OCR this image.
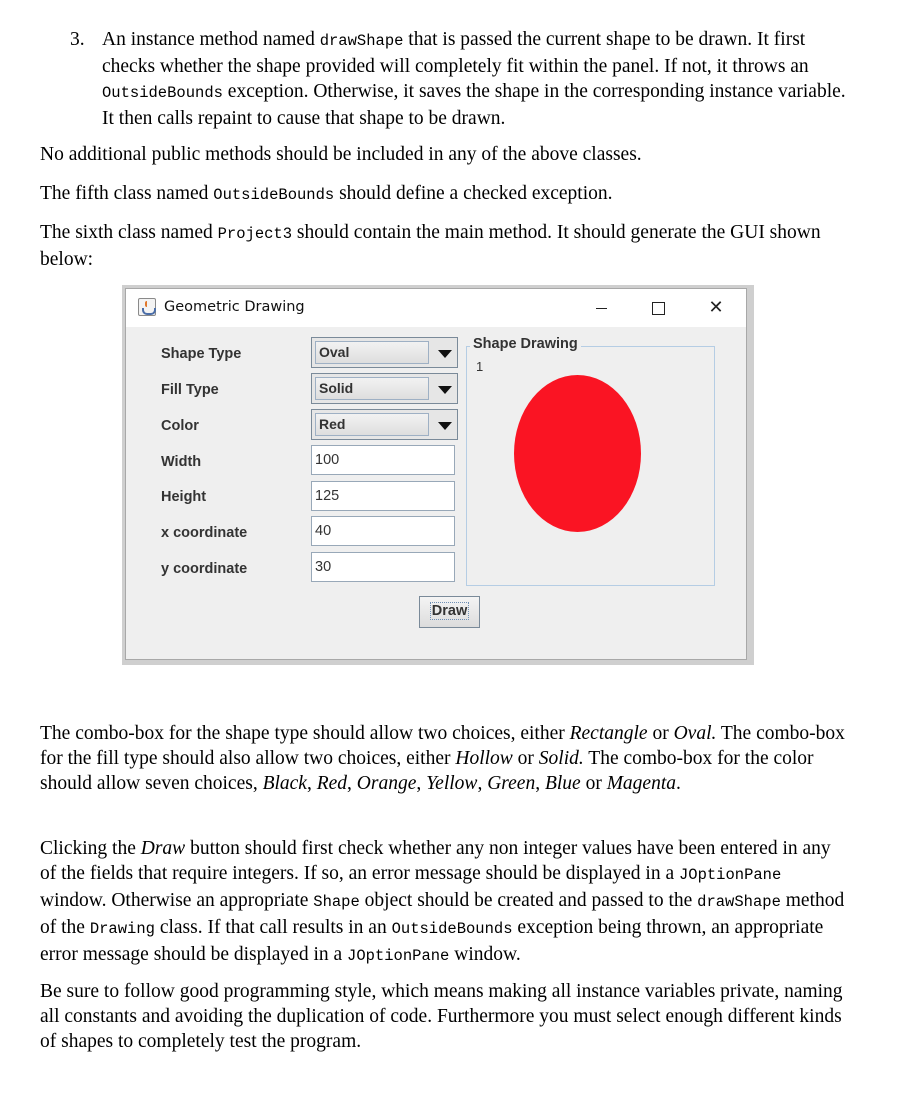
3. An instance method named drawShape that is passed the current shape to be drawn. It first checks whether the shape provided will completely fit within the panel. If not, it throws an OutsideBounds exception. Otherwise, it saves the shape in the corresponding instance variable. It then calls repaint to cause that shape to be drawn.

No additional public methods should be included in any of the above classes.

The fifth class named OutsideBounds should define a checked exception.

The sixth class named Project3 should contain the main method. It should generate the GUI shown below:

Geometric Drawing	✕
Shape Type
Fill Type
Color
Width
Height
x coordinate
y coordinate
Oval
Solid
Red
100
125
40
30
Shape Drawing
1
Draw

The combo-box for the shape type should allow two choices, either Rectangle or Oval. The combo-box for the fill type should also allow two choices, either Hollow or Solid. The combo-box for the color should allow seven choices, Black, Red, Orange, Yellow, Green, Blue or Magenta.

Clicking the Draw button should first check whether any non integer values have been entered in any of the fields that require integers. If so, an error message should be displayed in a JOptionPane window. Otherwise an appropriate Shape object should be created and passed to the drawShape method of the Drawing class. If that call results in an OutsideBounds exception being thrown, an appropriate error message should be displayed in a JOptionPane window.

Be sure to follow good programming style, which means making all instance variables private, naming all constants and avoiding the duplication of code. Furthermore you must select enough different kinds of shapes to completely test the program.
